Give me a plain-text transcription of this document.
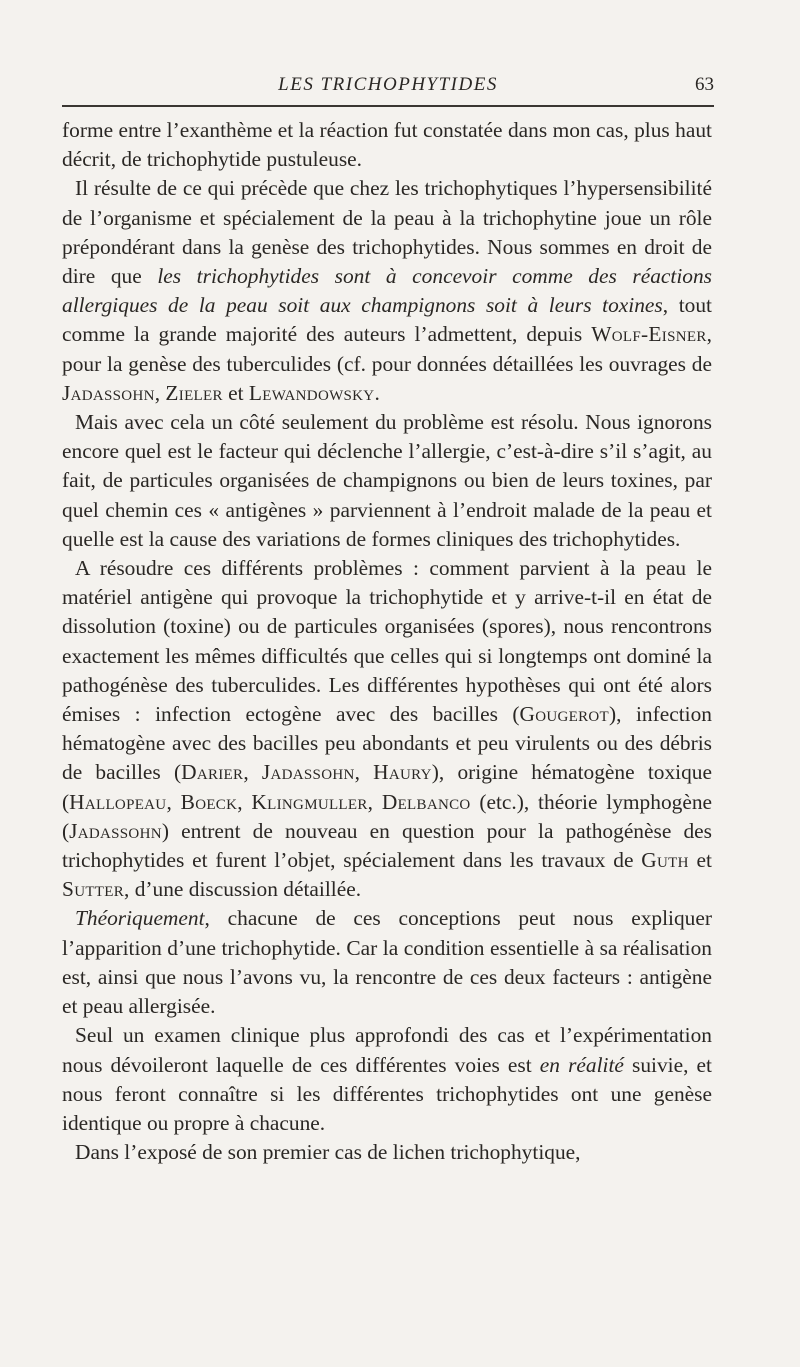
LES TRICHOPHYTIDES	63

forme entre l’exanthème et la réaction fut constatée dans mon cas, plus haut décrit, de trichophytide pustuleuse.

Il résulte de ce qui précède que chez les trichophytiques l’hypersensibilité de l’organisme et spécialement de la peau à la trichophytine joue un rôle prépondérant dans la genèse des trichophytides. Nous sommes en droit de dire que les trichophytides sont à concevoir comme des réactions allergiques de la peau soit aux champignons soit à leurs toxines, tout comme la grande majorité des auteurs l’admettent, depuis Wolf-Eisner, pour la genèse des tuberculides (cf. pour données détaillées les ouvrages de Jadassohn, Zieler et Lewandowsky.

Mais avec cela un côté seulement du problème est résolu. Nous ignorons encore quel est le facteur qui déclenche l’allergie, c’est-à-dire s’il s’agit, au fait, de particules organisées de champignons ou bien de leurs toxines, par quel chemin ces « antigènes » parviennent à l’endroit malade de la peau et quelle est la cause des variations de formes cliniques des trichophytides.

A résoudre ces différents problèmes : comment parvient à la peau le matériel antigène qui provoque la trichophytide et y arrive-t-il en état de dissolution (toxine) ou de particules organisées (spores), nous rencontrons exactement les mêmes difficultés que celles qui si longtemps ont dominé la pathogénèse des tuberculides. Les différentes hypothèses qui ont été alors émises : infection ectogène avec des bacilles (Gougerot), infection hématogène avec des bacilles peu abondants et peu virulents ou des débris de bacilles (Darier, Jadassohn, Haury), origine hématogène toxique (Hallopeau, Boeck, Klingmuller, Delbanco (etc.), théorie lymphogène (Jadassohn) entrent de nouveau en question pour la pathogénèse des trichophytides et furent l’objet, spécialement dans les travaux de Guth et Sutter, d’une discussion détaillée.

Théoriquement, chacune de ces conceptions peut nous expliquer l’apparition d’une trichophytide. Car la condition essentielle à sa réalisation est, ainsi que nous l’avons vu, la rencontre de ces deux facteurs : antigène et peau allergisée.

Seul un examen clinique plus approfondi des cas et l’expérimentation nous dévoileront laquelle de ces différentes voies est en réalité suivie, et nous feront connaître si les différentes trichophytides ont une genèse identique ou propre à chacune.

Dans l’exposé de son premier cas de lichen trichophytique,
